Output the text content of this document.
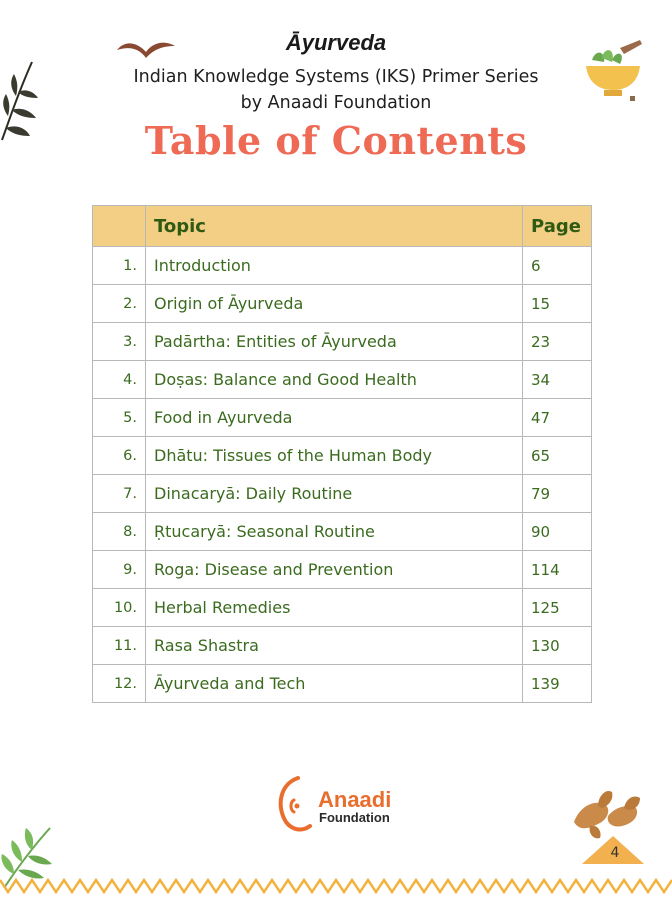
Āyurveda
Indian Knowledge Systems (IKS) Primer Series
by Anaadi Foundation
Table of Contents
	Topic	Page
1.	Introduction	6
2.	Origin of Āyurveda	15
3.	Padārtha: Entities of Āyurveda	23
4.	Doṣas: Balance and Good Health	34
5.	Food in Ayurveda	47
6.	Dhātu: Tissues of the Human Body	65
7.	Dinacaryā: Daily Routine	79
8.	Ṛtucaryā: Seasonal Routine	90
9.	Roga: Disease and Prevention	114
10.	Herbal Remedies	125
11.	Rasa Shastra	130
12.	Āyurveda and Tech	139
Anaadi
Foundation
4
